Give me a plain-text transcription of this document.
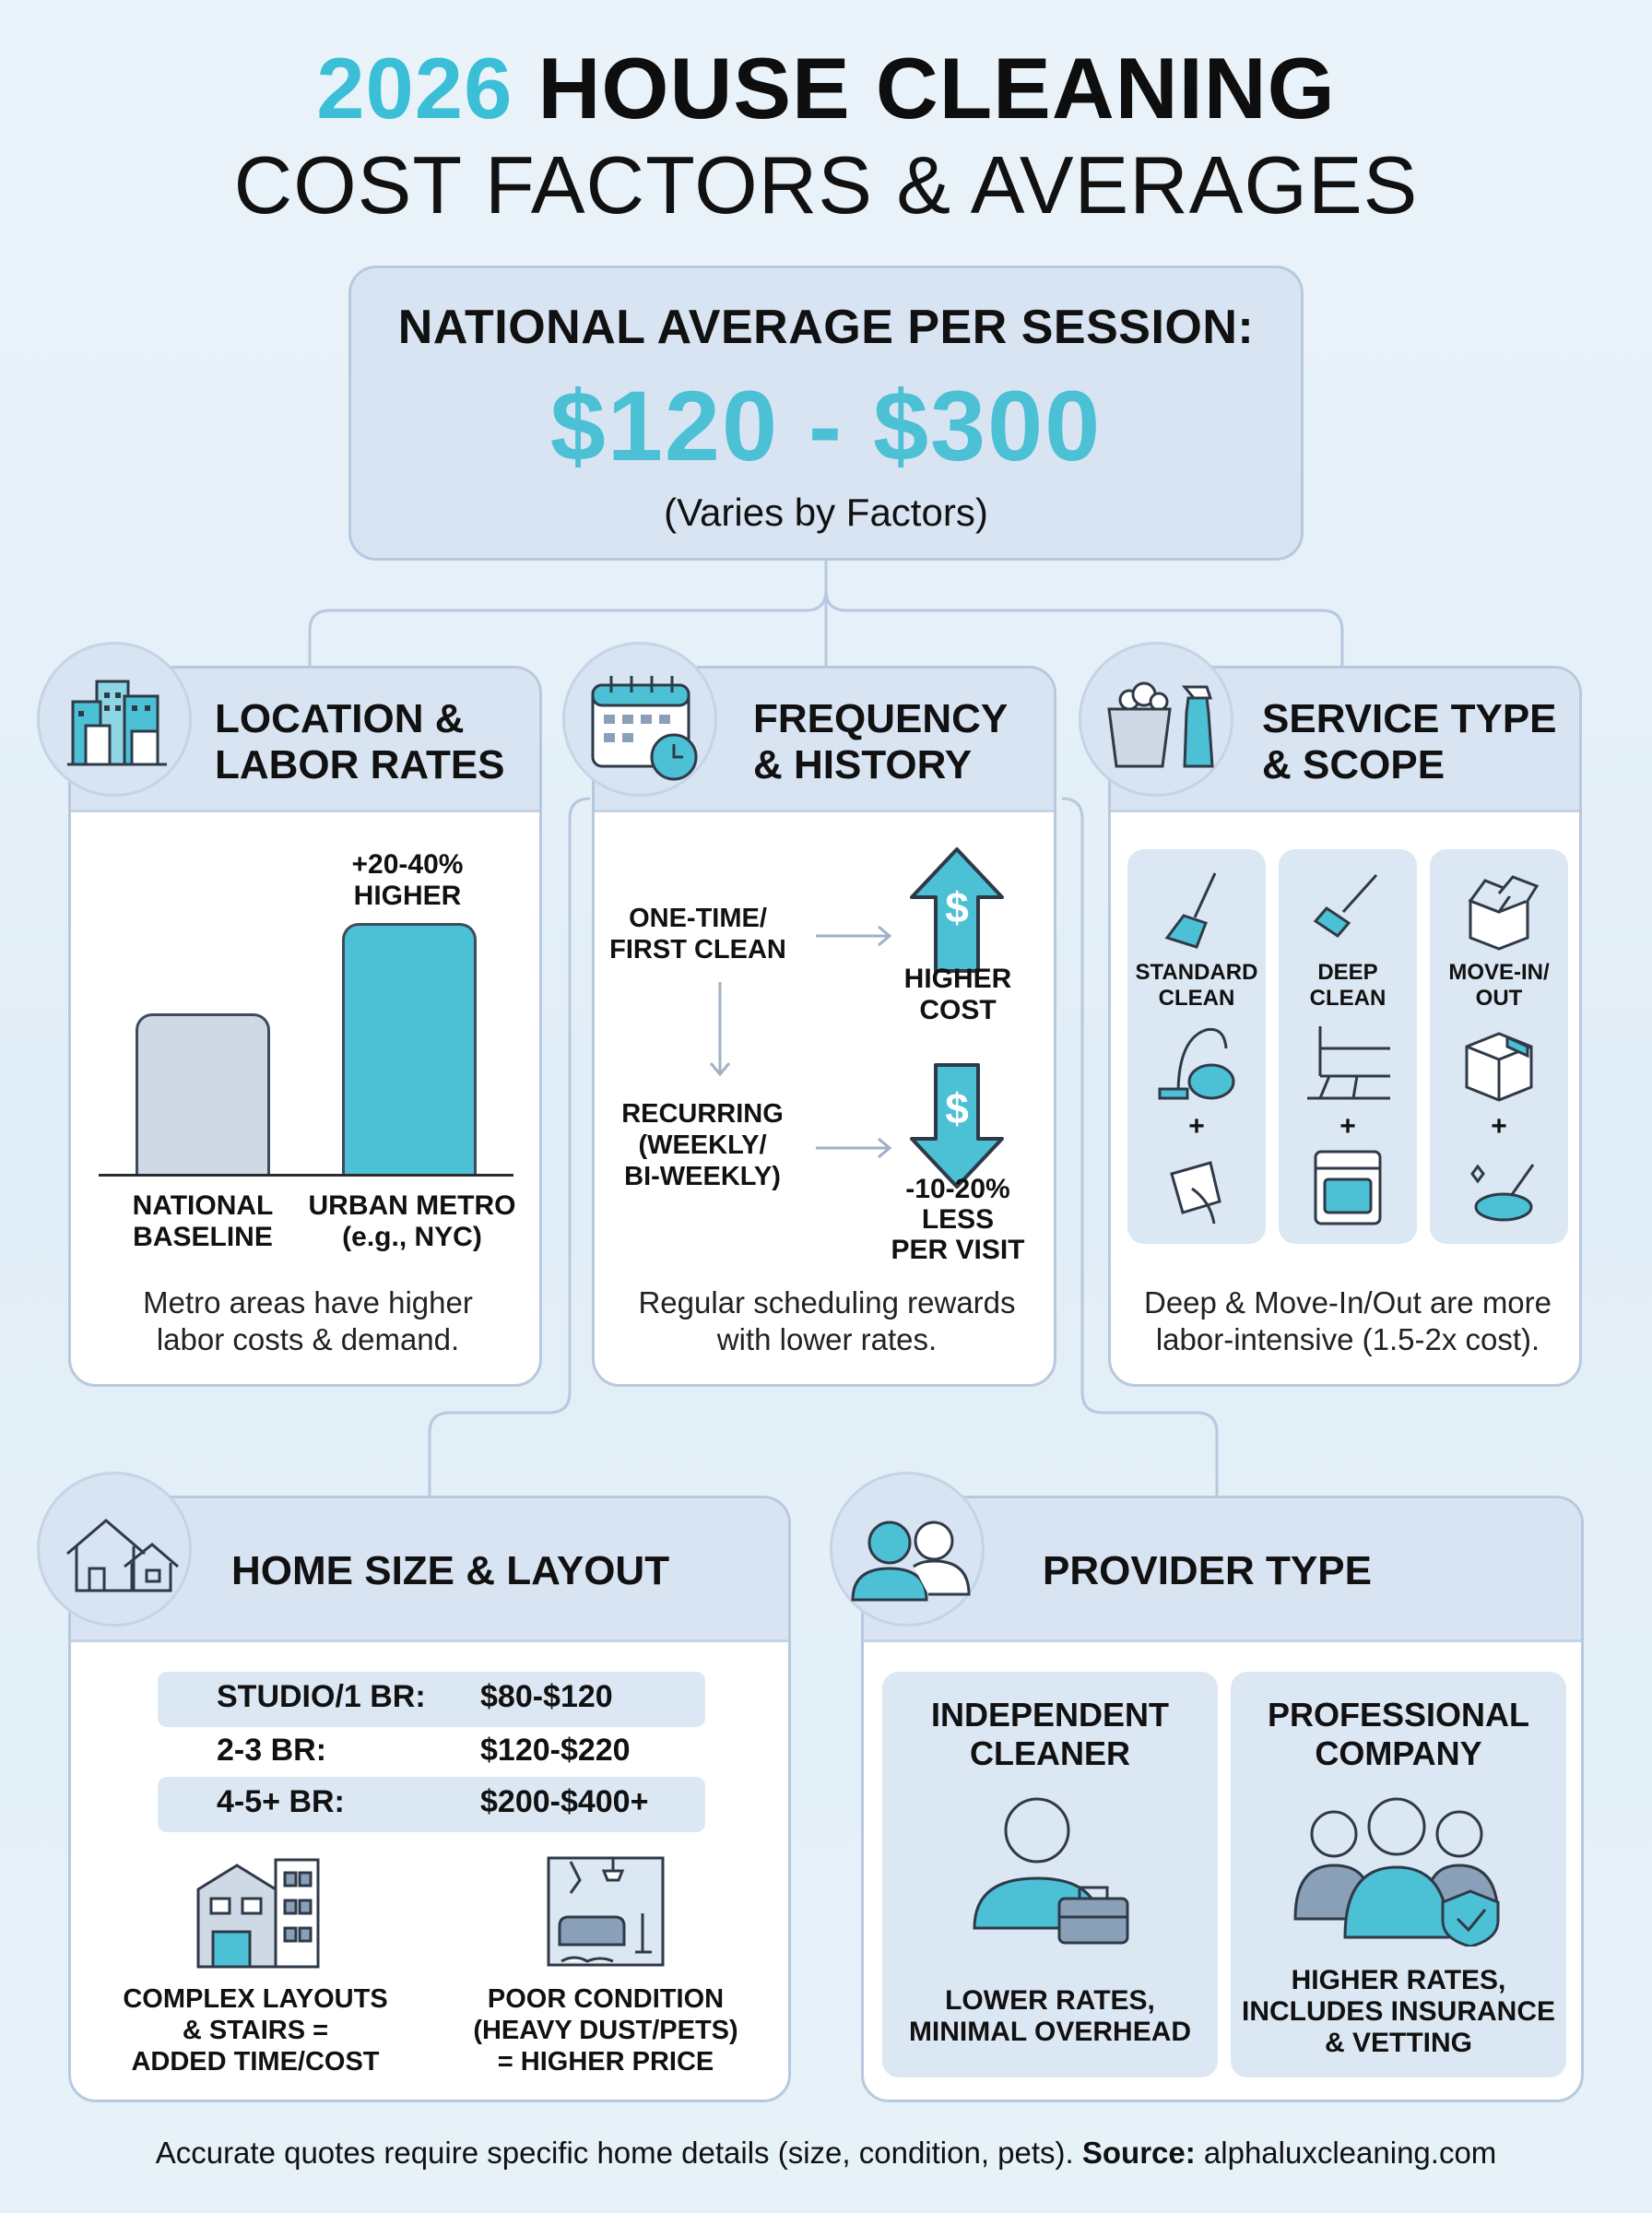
2026 HOUSE CLEANING
COST FACTORS & AVERAGES
NATIONAL AVERAGE PER SESSION:
$120 - $300
(Varies by Factors)
LOCATION &
LABOR RATES
+20-40%
HIGHER
NATIONAL
BASELINE
URBAN METRO
(e.g., NYC)
Metro areas have higher
labor costs & demand.
FREQUENCY
& HISTORY
ONE-TIME/
FIRST CLEAN
$
HIGHER
COST
$
RECURRING
(WEEKLY/
BI-WEEKLY)	-10-20%
LESS
PER VISIT
Regular scheduling rewards
with lower rates.
SERVICE TYPE
& SCOPE
STANDARD
CLEAN
+
DEEP
CLEAN
+
MOVE-IN/
OUT
+
Deep & Move-In/Out are more
labor-intensive (1.5-2x cost).
HOME SIZE & LAYOUT
STUDIO/1 BR: $80-$120
2-3 BR:	$120-$220
4-5+ BR:	$200-$400+
COMPLEX LAYOUTS
& STAIRS =
ADDED TIME/COST
POOR CONDITION
(HEAVY DUST/PETS)
= HIGHER PRICE
PROVIDER TYPE
INDEPENDENT
CLEANER
LOWER RATES,
MINIMAL OVERHEAD
PROFESSIONAL
COMPANY
HIGHER RATES,
INCLUDES INSURANCE
& VETTING
Accurate quotes require specific home details (size, condition, pets). Source: alphaluxcleaning.com
